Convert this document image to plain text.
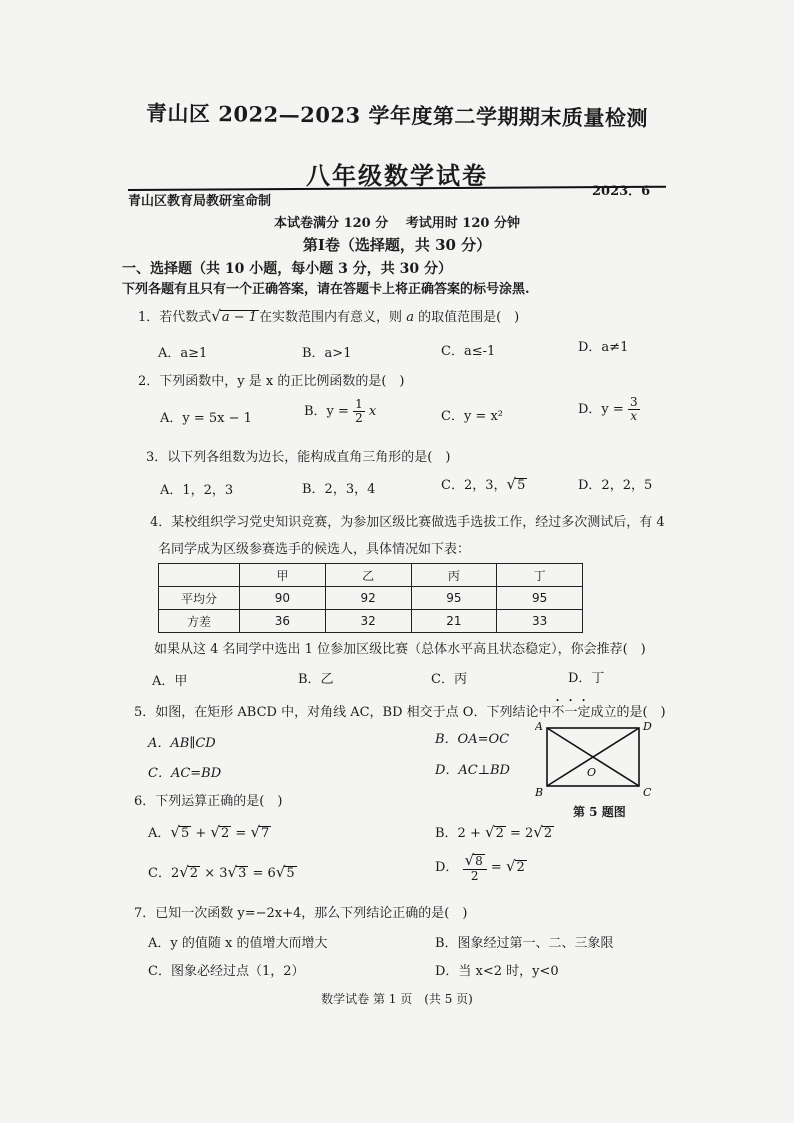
青山区 2022—2023 学年度第二学期期末质量检测
八年级数学试卷
青山区教育局教研室命制
2023．6
本试卷满分 120 分　 考试用时 120 分钟
第Ⅰ卷（选择题，共 30 分）
一、选择题（共 10 小题，每小题 3 分，共 30 分）
下列各题有且只有一个正确答案，请在答题卡上将正确答案的标号涂黑.
1．若代数式√a − 1 在实数范围内有意义，则 a 的取值范围是(　)
A．a≥1	B．a>1	C．a≤-1	D．a≠1
2．下列函数中，y 是 x 的正比例函数的是(　)
A．y = 5x − 1	B．$y = \frac{1}{2}$ x	C．y = x²	D．$y = \frac{3}{x}$
3．以下列各组数为边长，能构成直角三角形的是(　)
A．1，2，3	B．2，3，4	C．2，3，√5	D．2，2，5
4．某校组织学习党史知识竞赛，为参加区级比赛做选手选拔工作，经过多次测试后，有 4
名同学成为区级参赛选手的候选人，具体情况如下表：
	甲	乙	丙	丁
平均分	90	92	95	95
方差	36	32	21	33
如果从这 4 名同学中选出 1 位参加区级比赛（总体水平高且状态稳定），你会推荐(　)
A．甲	B．乙	C．丙	D．丁
5．如图，在矩形 ABCD 中，对角线 AC，BD 相交于点 O．下列结论中不一定成立的是(　)
A．AB∥CD	B．OA=OC
C．AC=BD	D．AC⊥BD
A	D
B	C
O
第 5 题图
6．下列运算正确的是(　)
A．√5 + √2 = √7	B．2 + √2 = 2√2
C．2√2 × 3√3 = 6√5	D． $\frac{√8}{2} = √2$
7．已知一次函数 y=−2x+4，那么下列结论正确的是(　)
A．y 的值随 x 的值增大而增大	B．图象经过第一、二、三象限
C．图象必经过点（1，2）	D．当 x<2 时，y<0
数学试卷 第 1 页　(共 5 页)
